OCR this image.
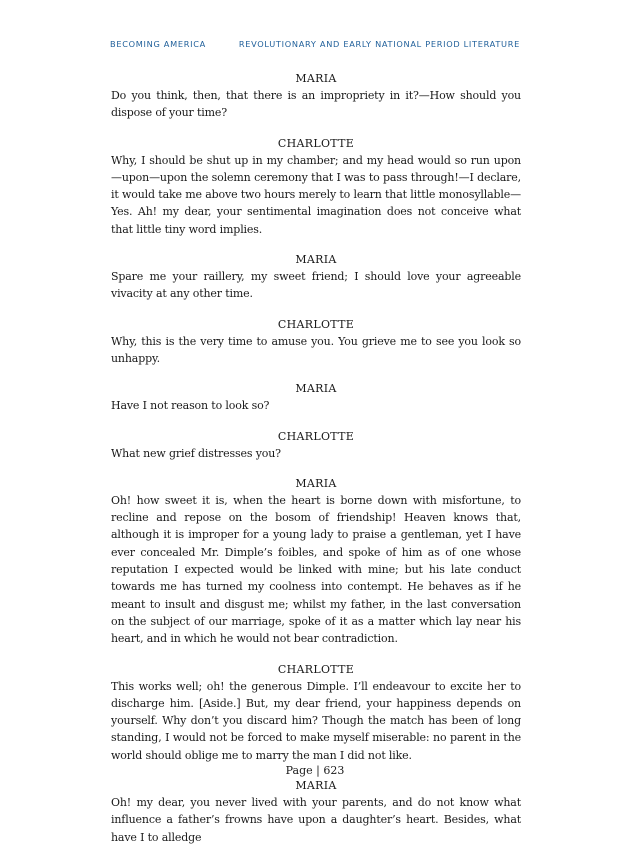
BECOMING AMERICA	REVOLUTIONARY AND EARLY NATIONAL PERIOD LITERATURE

MARIA

Do you think, then, that there is an impropriety in it?—How should you dispose of your time?

CHARLOTTE

Why, I should be shut up in my chamber; and my head would so run upon—upon—upon the solemn ceremony that I was to pass through!—I declare, it would take me above two hours merely to learn that little monosyllable—Yes. Ah! my dear, your sentimental imagination does not conceive what that little tiny word implies.

MARIA

Spare me your raillery, my sweet friend; I should love your agreeable vivacity at any other time.

CHARLOTTE

Why, this is the very time to amuse you. You grieve me to see you look so unhappy.

MARIA

Have I not reason to look so?

CHARLOTTE

What new grief distresses you?

MARIA

Oh! how sweet it is, when the heart is borne down with misfortune, to recline and repose on the bosom of friendship! Heaven knows that, although it is improper for a young lady to praise a gentleman, yet I have ever concealed Mr. Dimple’s foibles, and spoke of him as of one whose reputation I expected would be linked with mine; but his late conduct towards me has turned my coolness into contempt. He behaves as if he meant to insult and disgust me; whilst my father, in the last conversation on the subject of our marriage, spoke of it as a matter which lay near his heart, and in which he would not bear contradiction.

CHARLOTTE

This works well; oh! the generous Dimple. I’ll endeavour to excite her to discharge him. [Aside.] But, my dear friend, your happiness depends on yourself. Why don’t you discard him? Though the match has been of long standing, I would not be forced to make myself miserable: no parent in the world should oblige me to marry the man I did not like.

MARIA

Oh! my dear, you never lived with your parents, and do not know what influence a father’s frowns have upon a daughter’s heart. Besides, what have I to alledge

Page | 623
